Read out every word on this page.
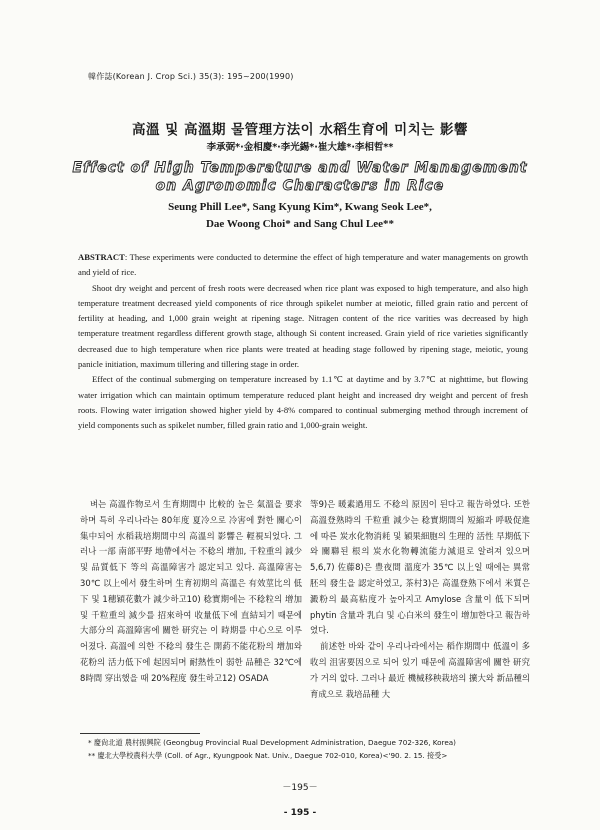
韓作誌(Korean J. Crop Sci.) 35(3): 195~200(1990)
高溫 및 高溫期 물管理方法이 水稻生育에 미치는 影響
李承弼*·金相慶*·李光錫*·崔大雄*·李相哲**
Effect of High Temperature and Water Management
on Agronomic Characters in Rice
Seung Phill Lee*, Sang Kyung Kim*, Kwang Seok Lee*,
Dae Woong Choi* and Sang Chul Lee**

ABSTRACT: These experiments were conducted to determine the effect of high temperature and water managements on growth and yield of rice.

Shoot dry weight and percent of fresh roots were decreased when rice plant was exposed to high temperature, and also high temperature treatment decreased yield components of rice through spikelet number at meiotic, filled grain ratio and percent of fertility at heading, and 1,000 grain weight at ripening stage. Nitragen content of the rice varities was decreased by high temperature treatment regardless different growth stage, although Si content increased. Grain yield of rice varieties significantly decreased due to high temperature when rice plants were treated at heading stage followed by ripening stage, meiotic, young panicle initiation, maximum tillering and tillering stage in order.

Effect of the continual submerging on temperature increased by 1.1℃ at daytime and by 3.7℃ at nighttime, but flowing water irrigation which can maintain optimum temperature reduced plant height and increased dry weight and percent of fresh roots. Flowing water irrigation showed higher yield by 4-8% compared to continual submerging method through increment of yield components such as spikelet number, filled grain ratio and 1,000-grain weight.

벼는 高溫作物로서 生育期間中 比較的 높은 氣溫을 要求하며 특히 우리나라는 80年度 夏冷으로 冷害에 對한 關心이 集中되어 水稻栽培期間中의 高溫의 影響은 輕視되었다. 그러나 一部 南部平野 地帶에서는 不稔의 增加, 千粒重의 減少 및 品質低下 等의 高溫障害가 認定되고 있다. 高溫障害는 30℃ 以上에서 發生하며 生育初期의 高溫은 有效莖比의 低下 및 1穗穎花數가 減少하고10) 稔實期에는 不稔粒의 增加 및 千粒重의 減少를 招來하여 收量低下에 直結되기 때문에 大部分의 高溫障害에 關한 研究는 이 時期를 中心으로 이루어졌다. 高溫에 의한 不稔의 發生은 開葯不能花粉의 增加와 花粉의 活力低下에 起因되며 耐熱性이 弱한 品種은 32℃에 8時間 穿出했을 때 20%程度 發生하고12) OSADA

等9)은 暖素過用도 不稔의 原因이 된다고 報告하였다. 또한 高溫登熟時의 千粒重 減少는 稔實期間의 短縮과 呼吸促進에 따른 炭水化物消耗 및 穎果細胞의 生理的 活性 早期低下와 關聯된 根의 炭水化物轉流能力減退로 알려져 있으며5,6,7) 佐藤8)은 豊夜間 溫度가 35℃ 以上일 때에는 異常胚의 發生을 認定하였고, 茶村3)은 高溫登熟下에서 米質은 澱粉의 最高粘度가 높아지고 Amylose 含量이 低下되며 phytin 含量과 乳白 및 心白米의 發生이 增加한다고 報告하였다.

前述한 바와 같이 우리나라에서는 稻作期間中 低溫이 多收의 沮害要因으로 되어 있기 때문에 高溫障害에 關한 研究가 거의 없다. 그러나 最近 機械移秧栽培의 擴大와 新品種의 育成으로 栽培品種 大

* 慶尙北道 農村振興院 (Geongbug Provincial Rual Development Administration, Daegue 702-326, Korea)
** 慶北大學校農科大學 (Coll. of Agr., Kyungpook Nat. Univ., Daegue 702-010, Korea)<'90. 2. 15. 接受>
－195－
- 195 -
